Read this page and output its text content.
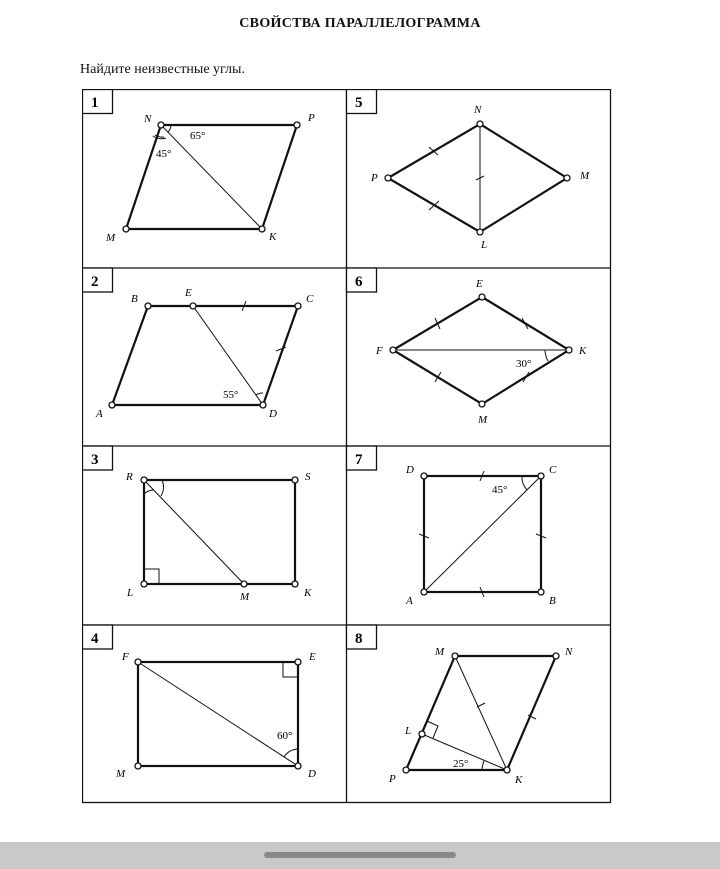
СВОЙСТВА ПАРАЛЛЕЛОГРАММА
Найдите неизвестные углы.
1
N	P
K
M
65°
45°
2
B	E	C
A	D
55°
3
R	S
L	M	K
4
F	E
M	D
60°
5	N
P	M
L
6	E
F	K
M
30°
7
D	C
A	B
45°
8
M	N
L
P	K
25°
